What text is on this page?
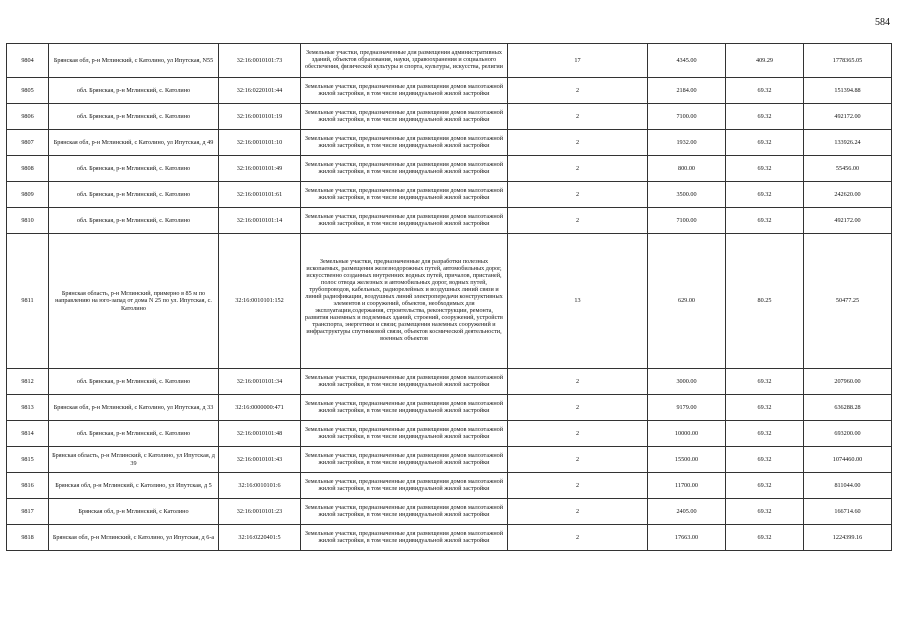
584
9804	Брянская обл, р-н Мглинский, с Католино, ул Ипутская, N55	32:16:0010101:73	Земельные участки, предназначенные для размещения административных зданий, объектов образования, науки, здравоохранения и социального обеспечения, физической культуры и спорта, культуры, искусства, религии	17	4345.00	409.29	1778365.05
9805	обл. Брянская, р-н Мглинский, с. Католино	32:16:0220101:44	Земельные участки, предназначенные для размещения домов малоэтажной жилой застройки, в том числе индивидуальной жилой застройки	2	2184.00	69.32	151394.88
9806	обл. Брянская, р-н Мглинский, с. Католино	32:16:0010101:19	Земельные участки, предназначенные для размещения домов малоэтажной жилой застройки, в том числе индивидуальной жилой застройки	2	7100.00	69.32	492172.00
9807	Брянская обл, р-н Мглинский, с Католино, ул Ипутская, д 49	32:16:0010101:10	Земельные участки, предназначенные для размещения домов малоэтажной жилой застройки, в том числе индивидуальной жилой застройки	2	1932.00	69.32	133926.24
9808	обл. Брянская, р-н Мглинский, с. Католино	32:16:0010101:49	Земельные участки, предназначенные для размещения домов малоэтажной жилой застройки, в том числе индивидуальной жилой застройки	2	800.00	69.32	55456.00
9809	обл. Брянская, р-н Мглинский, с. Католино	32:16:0010101:61	Земельные участки, предназначенные для размещения домов малоэтажной жилой застройки, в том числе индивидуальной жилой застройки	2	3500.00	69.32	242620.00
9810	обл. Брянская, р-н Мглинский, с. Католино	32:16:0010101:14	Земельные участки, предназначенные для размещения домов малоэтажной жилой застройки, в том числе индивидуальной жилой застройки	2	7100.00	69.32	492172.00
9811	Брянская область, р-н Мглинский, примерно в 85 м по направлению на юго-запад от дома N 25 по ул. Ипутская, с. Католино	32:16:0010101:152	Земельные участки, предназначенные для разработки полезных ископаемых, размещения железнодорожных путей, автомобильных дорог, искусственно созданных внутренних водных путей, причалов, пристаней, полос отвода железных и автомобильных дорог, водных путей, трубопроводов, кабельных, радиорелейных и воздушных линий связи и линий радиофикации, воздушных линий электропередачи конструктивных элементов и сооружений, объектов, необходимых для эксплуатации,содержания, строительства, реконструкции, ремонта, развития наземных и подземных зданий, строений, сооружений, устройств транспорта, энергетики и связи; размещения наземных сооружений и инфраструктуры спутниковой связи, объектов космической деятельности, военных объектов	13	629.00	80.25	50477.25
9812	обл. Брянская, р-н Мглинский, с. Католино	32:16:0010101:34	Земельные участки, предназначенные для размещения домов малоэтажной жилой застройки, в том числе индивидуальной жилой застройки	2	3000.00	69.32	207960.00
9813	Брянская обл, р-н Мглинский, с Католино, ул Ипутская, д 33	32:16:0000000:471	Земельные участки, предназначенные для размещения домов малоэтажной жилой застройки, в том числе индивидуальной жилой застройки	2	9179.00	69.32	636288.28
9814	обл. Брянская, р-н Мглинский, с. Католино	32:16:0010101:48	Земельные участки, предназначенные для размещения домов малоэтажной жилой застройки, в том числе индивидуальной жилой застройки	2	10000.00	69.32	693200.00
9815	Брянская область, р-н Мглинский, с Католино, ул Ипутская, д 39	32:16:0010101:43	Земельные участки, предназначенные для размещения домов малоэтажной жилой застройки, в том числе индивидуальной жилой застройки	2	15500.00	69.32	1074460.00
9816	Брянская обл, р-н Мглинский, с Католино, ул Ипутская, д 5	32:16:0010101:6	Земельные участки, предназначенные для размещения домов малоэтажной жилой застройки, в том числе индивидуальной жилой застройки	2	11700.00	69.32	811044.00
9817	Брянская обл, р-н Мглинский, с Католино	32:16:0010101:23	Земельные участки, предназначенные для размещения домов малоэтажной жилой застройки, в том числе индивидуальной жилой застройки	2	2405.00	69.32	166714.60
9818	Брянская обл, р-н Мглинский, с Католино, ул Ипутская, д 6-а	32:16:0220401:5	Земельные участки, предназначенные для размещения домов малоэтажной жилой застройки, в том числе индивидуальной жилой застройки	2	17663.00	69.32	1224399.16
